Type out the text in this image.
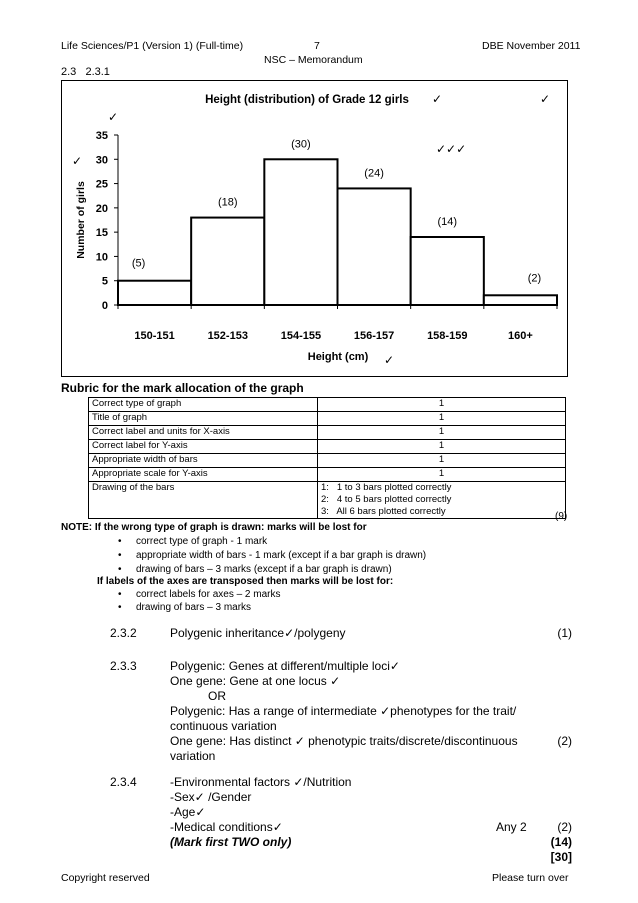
Life Sciences/P1 (Version 1) (Full-time)	7	DBE November 2011
NSC – Memorandum
2.3   2.3.1
Height (distribution) of Grade 12 girls ✓	✓
✓
✓
✓✓✓
✓
Number of girls
0
5
10
15
20
25
30
35
150-151	152-153	154-155	156-157	158-159	160+
(5)
(18)
(30)
(24)
(14)
(2)
Height (cm)
Rubric for the mark allocation of the graph
Correct type of graph	1
Title of graph	1
Correct label and units for X-axis	1
Correct label for Y-axis	1
Appropriate width of bars	1
Appropriate scale for Y-axis	1
Drawing of the bars	1:   1 to 3 bars plotted correctly
2:   4 to 5 bars plotted correctly
3:   All 6 bars plotted correctly	(9)
NOTE: If the wrong type of graph is drawn: marks will be lost for
• correct type of graph - 1 mark
• appropriate width of bars - 1 mark (except if a bar graph is drawn)
• drawing of bars – 3 marks (except if a bar graph is drawn)
If labels of the axes are transposed then marks will be lost for:
• correct labels for axes – 2 marks
• drawing of bars – 3 marks
2.3.2	Polygenic inheritance✓/polygeny	(1)
2.3.3	Polygenic: Genes at different/multiple loci✓
One gene: Gene at one locus ✓
OR
Polygenic: Has a range of intermediate ✓phenotypes for the trait/
continuous variation
One gene: Has distinct ✓ phenotypic traits/discrete/discontinuous
variation
(2)
2.3.4	-Environmental factors ✓/Nutrition
-Sex✓ /Gender
-Age✓
-Medical conditions✓	Any 2	(2)
(Mark first TWO only)	(14)
[30]
Copyright reserved	Please turn over
